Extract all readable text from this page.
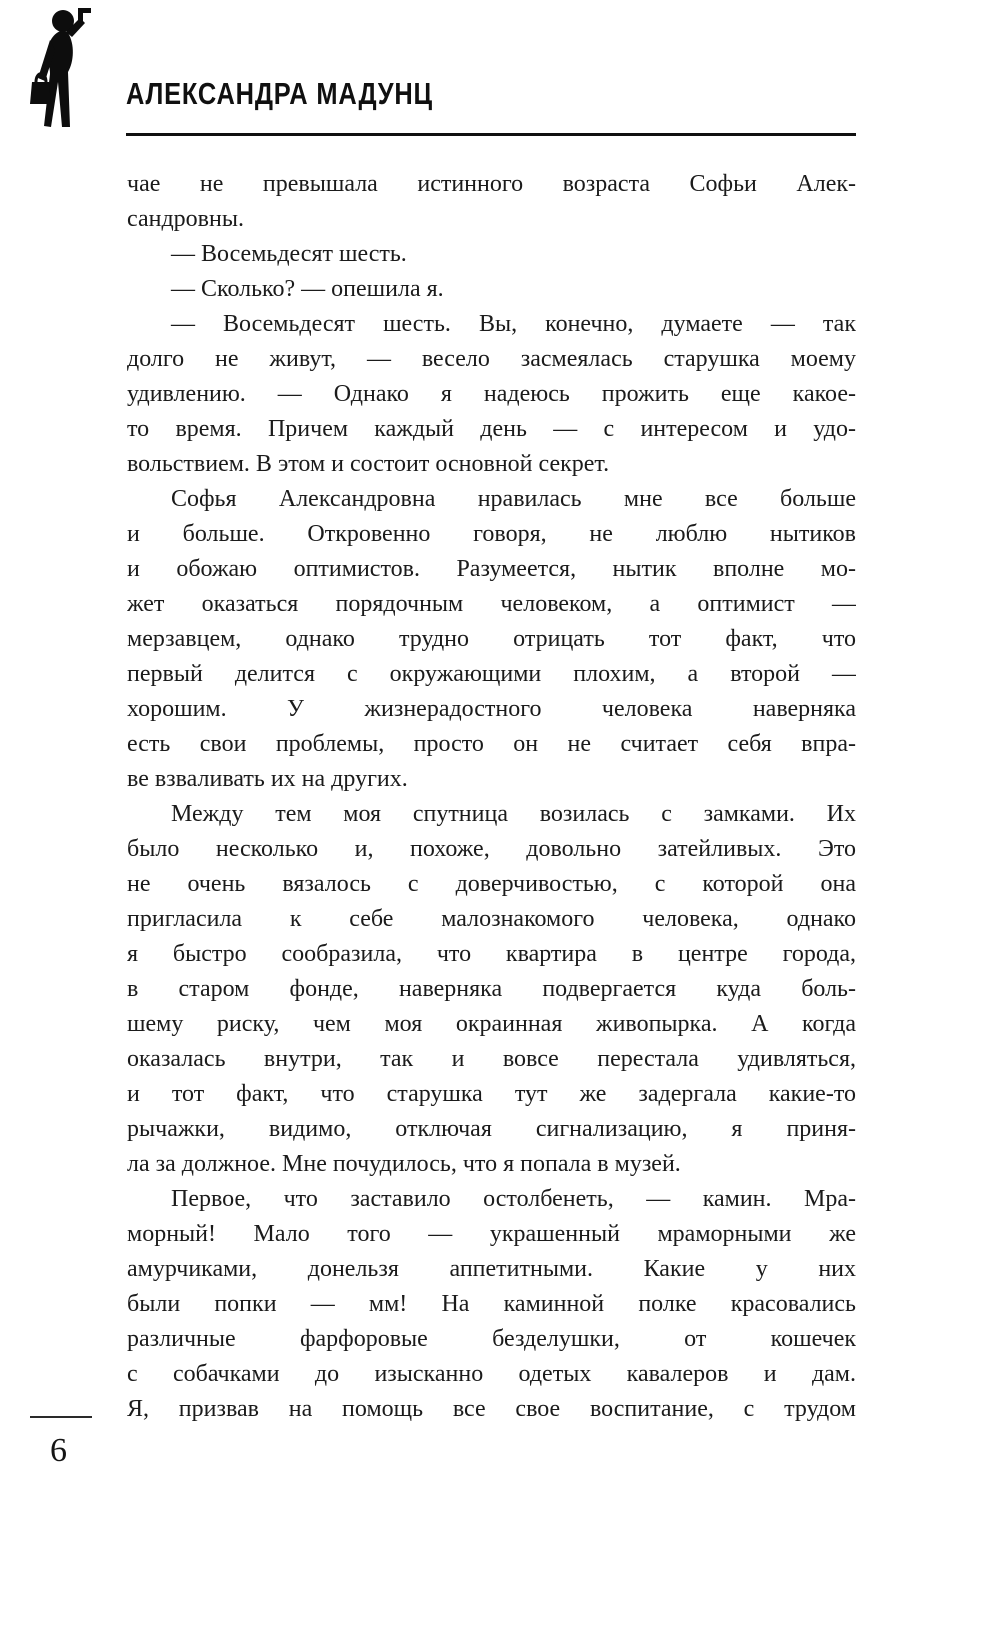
АЛЕКСАНДРА МАДУНЦ
чае не превышала истинного возраста Софьи Алек-
сандровны.
— Восемьдесят шесть.
— Сколько? — опешила я.
— Восемьдесят шесть. Вы, конечно, думаете — так
долго не живут, — весело засмеялась старушка моему
удивлению. — Однако я надеюсь прожить еще какое-
то время. Причем каждый день — с интересом и удо-
вольствием. В этом и состоит основной секрет.
Софья Александровна нравилась мне все больше
и больше. Откровенно говоря, не люблю нытиков
и обожаю оптимистов. Разумеется, нытик вполне мо-
жет оказаться порядочным человеком, а оптимист —
мерзавцем, однако трудно отрицать тот факт, что
первый делится с окружающими плохим, а второй —
хорошим. У жизнерадостного человека наверняка
есть свои проблемы, просто он не считает себя впра-
ве взваливать их на других.
Между тем моя спутница возилась с замками. Их
было несколько и, похоже, довольно затейливых. Это
не очень вязалось с доверчивостью, с которой она
пригласила к себе малознакомого человека, однако
я быстро сообразила, что квартира в центре города,
в старом фонде, наверняка подвергается куда боль-
шему риску, чем моя окраинная живопырка. А когда
оказалась внутри, так и вовсе перестала удивляться,
и тот факт, что старушка тут же задергала какие-то
рычажки, видимо, отключая сигнализацию, я приня-
ла за должное. Мне почудилось, что я попала в музей.
Первое, что заставило остолбенеть, — камин. Мра-
морный! Мало того — украшенный мраморными же
амурчиками, донельзя аппетитными. Какие у них
были попки — мм! На каминной полке красовались
различные фарфоровые безделушки, от кошечек
с собачками до изысканно одетых кавалеров и дам.
Я, призвав на помощь все свое воспитание, с трудом
6
